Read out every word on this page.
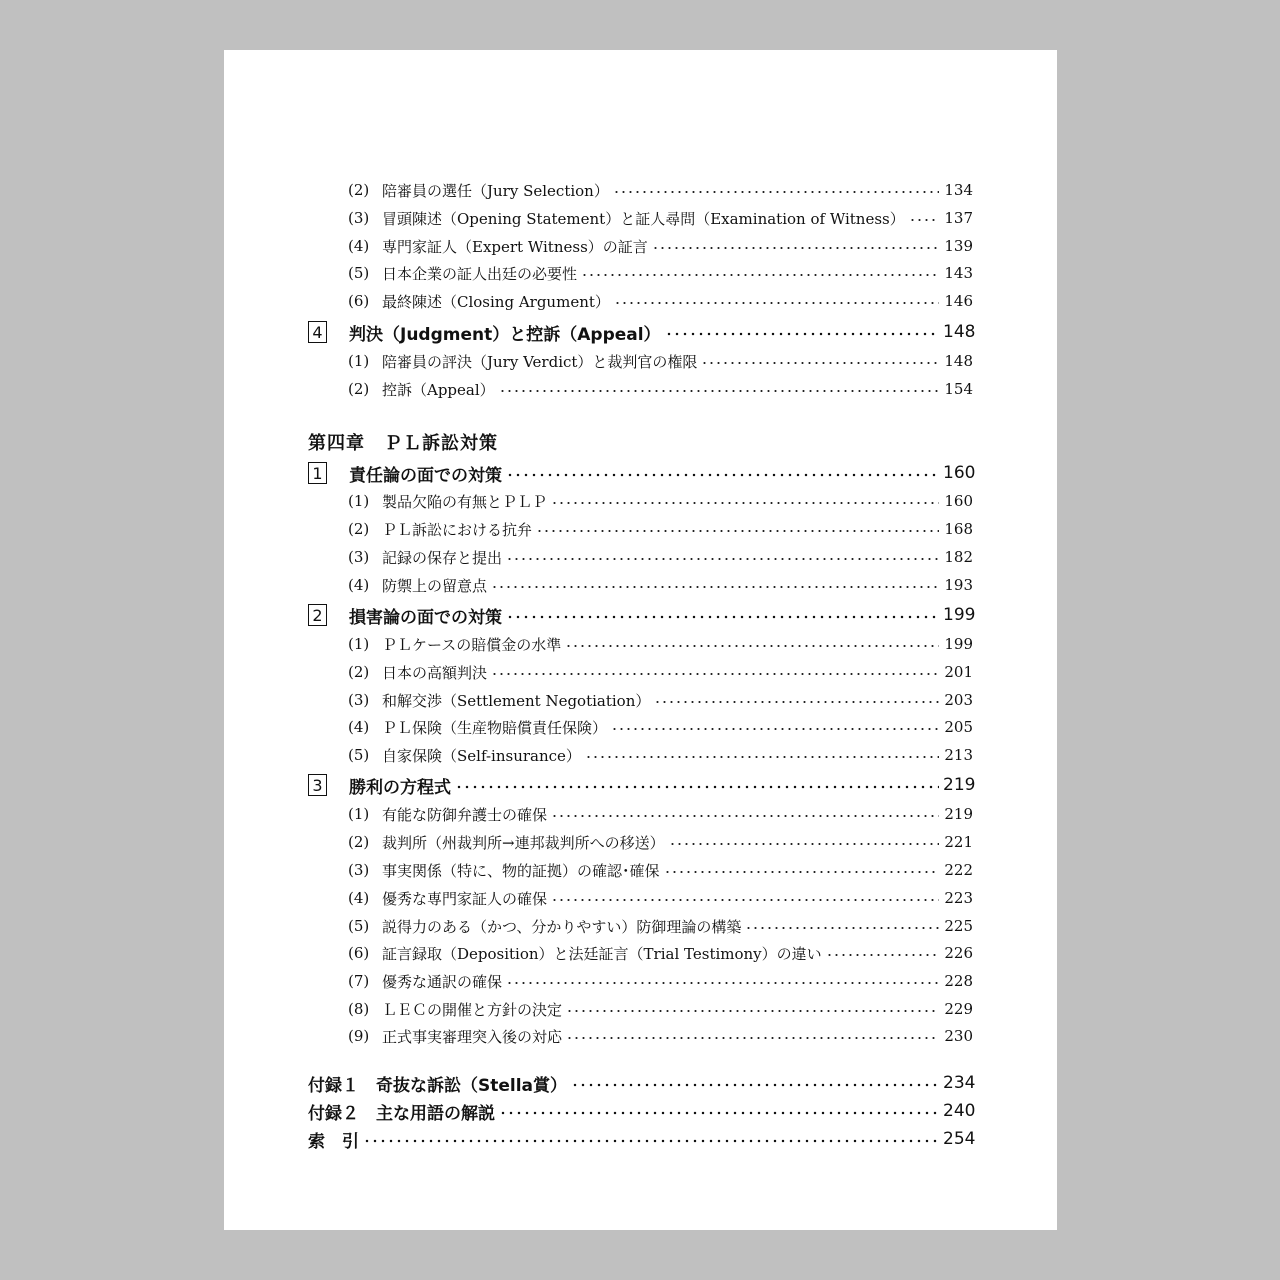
(2) 陪審員の選任（Jury Selection）	134
(3) 冒頭陳述（Opening Statement）と証人尋問（Examination of Witness）	137
(4) 専門家証人（Expert Witness）の証言	139
(5) 日本企業の証人出廷の必要性	143
(6) 最終陳述（Closing Argument）	146
4 判決（Judgment）と控訴（Appeal）	148
(1) 陪審員の評決（Jury Verdict）と裁判官の権限	148
(2) 控訴（Appeal）	154
第四章　ＰＬ訴訟対策
1 責任論の面での対策	160
(1) 製品欠陥の有無とＰＬＰ	160
(2) ＰＬ訴訟における抗弁	168
(3) 記録の保存と提出	182
(4) 防禦上の留意点	193
2 損害論の面での対策	199
(1) ＰＬケースの賠償金の水準	199
(2) 日本の高額判決	201
(3) 和解交渉（Settlement Negotiation）	203
(4) ＰＬ保険（生産物賠償責任保険）	205
(5) 自家保険（Self-insurance）	213
3 勝利の方程式	219
(1) 有能な防御弁護士の確保	219
(2) 裁判所（州裁判所→連邦裁判所への移送）	221
(3) 事実関係（特に、物的証拠）の確認･確保	222
(4) 優秀な専門家証人の確保	223
(5) 説得力のある（かつ、分かりやすい）防御理論の構築	225
(6) 証言録取（Deposition）と法廷証言（Trial Testimony）の違い	226
(7) 優秀な通訳の確保	228
(8) ＬＥＣの開催と方針の決定	229
(9) 正式事実審理突入後の対応	230
付録１　奇抜な訴訟（Stella賞）	234
付録２　主な用語の解説	240
索　引	254
